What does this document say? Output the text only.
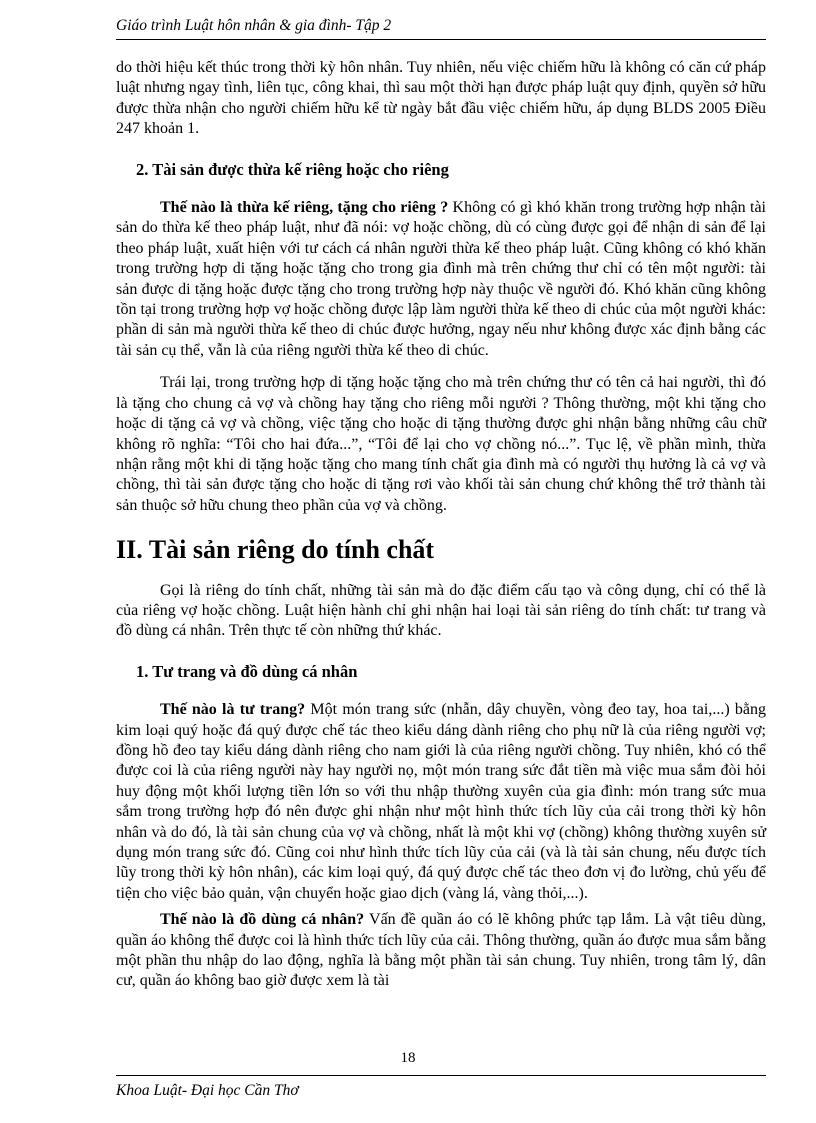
Giáo trình Luật hôn nhân & gia đình- Tập 2

do thời hiệu kết thúc trong thời kỳ hôn nhân. Tuy nhiên, nếu việc chiếm hữu là không có căn cứ pháp luật nhưng ngay tình, liên tục, công khai, thì sau một thời hạn được pháp luật quy định, quyền sở hữu được thừa nhận cho người chiếm hữu kể từ ngày bắt đầu việc chiếm hữu, áp dụng BLDS 2005 Điều 247 khoản 1.

2. Tài sản được thừa kế riêng hoặc cho riêng

Thế nào là thừa kế riêng, tặng cho riêng ? Không có gì khó khăn trong trường hợp nhận tài sản do thừa kế theo pháp luật, như đã nói: vợ hoặc chồng, dù có cùng được gọi để nhận di sản để lại theo pháp luật, xuất hiện với tư cách cá nhân người thừa kế theo pháp luật. Cũng không có khó khăn trong trường hợp di tặng hoặc tặng cho trong gia đình mà trên chứng thư chỉ có tên một người: tài sản được di tặng hoặc được tặng cho trong trường hợp này thuộc về người đó. Khó khăn cũng không tồn tại trong trường hợp vợ hoặc chồng được lập làm người thừa kế theo di chúc của một người khác: phần di sản mà người thừa kế theo di chúc được hưởng, ngay nếu như không được xác định bằng các tài sản cụ thể, vẫn là của riêng người thừa kế theo di chúc.

Trái lại, trong trường hợp di tặng hoặc tặng cho mà trên chứng thư có tên cả hai người, thì đó là tặng cho chung cả vợ và chồng hay tặng cho riêng mỗi người ? Thông thường, một khi tặng cho hoặc di tặng cả vợ và chồng, việc tặng cho hoặc di tặng thường được ghi nhận bằng những câu chữ không rõ nghĩa: “Tôi cho hai đứa...”, “Tôi để lại cho vợ chồng nó...”. Tục lệ, về phần mình, thừa nhận rằng một khi di tặng hoặc tặng cho mang tính chất gia đình mà có người thụ hưởng là cả vợ và chồng, thì tài sản được tặng cho hoặc di tặng rơi vào khối tài sản chung chứ không thể trở thành tài sản thuộc sở hữu chung theo phần của vợ và chồng.

II. Tài sản riêng do tính chất

Gọi là riêng do tính chất, những tài sản mà do đặc điểm cấu tạo và công dụng, chỉ có thể là của riêng vợ hoặc chồng. Luật hiện hành chỉ ghi nhận hai loại tài sản riêng do tính chất: tư trang và đồ dùng cá nhân. Trên thực tế còn những thứ khác.

1. Tư trang và đồ dùng cá nhân

Thế nào là tư trang? Một món trang sức (nhẫn, dây chuyền, vòng đeo tay, hoa tai,...) bằng kim loại quý hoặc đá quý được chế tác theo kiểu dáng dành riêng cho phụ nữ là của riêng người vợ; đồng hồ đeo tay kiểu dáng dành riêng cho nam giới là của riêng người chồng. Tuy nhiên, khó có thể được coi là của riêng người này hay người nọ, một món trang sức đắt tiền mà việc mua sắm đòi hỏi huy động một khối lượng tiền lớn so với thu nhập thường xuyên của gia đình: món trang sức mua sắm trong trường hợp đó nên được ghi nhận như một hình thức tích lũy của cải trong thời kỳ hôn nhân và do đó, là tài sản chung của vợ và chồng, nhất là một khi vợ (chồng) không thường xuyên sử dụng món trang sức đó. Cũng coi như hình thức tích lũy của cải (và là tài sản chung, nếu được tích lũy trong thời kỳ hôn nhân), các kim loại quý, đá quý được chế tác theo đơn vị đo lường, chủ yếu để tiện cho việc bảo quản, vận chuyển hoặc giao dịch (vàng lá, vàng thỏi,...).

Thế nào là đồ dùng cá nhân? Vấn đề quần áo có lẽ không phức tạp lắm. Là vật tiêu dùng, quần áo không thể được coi là hình thức tích lũy của cải. Thông thường, quần áo được mua sắm bằng một phần thu nhập do lao động, nghĩa là bằng một phần tài sản chung. Tuy nhiên, trong tâm lý, dân cư, quần áo không bao giờ được xem là tài

18
Khoa Luật- Đại học Cần Thơ
